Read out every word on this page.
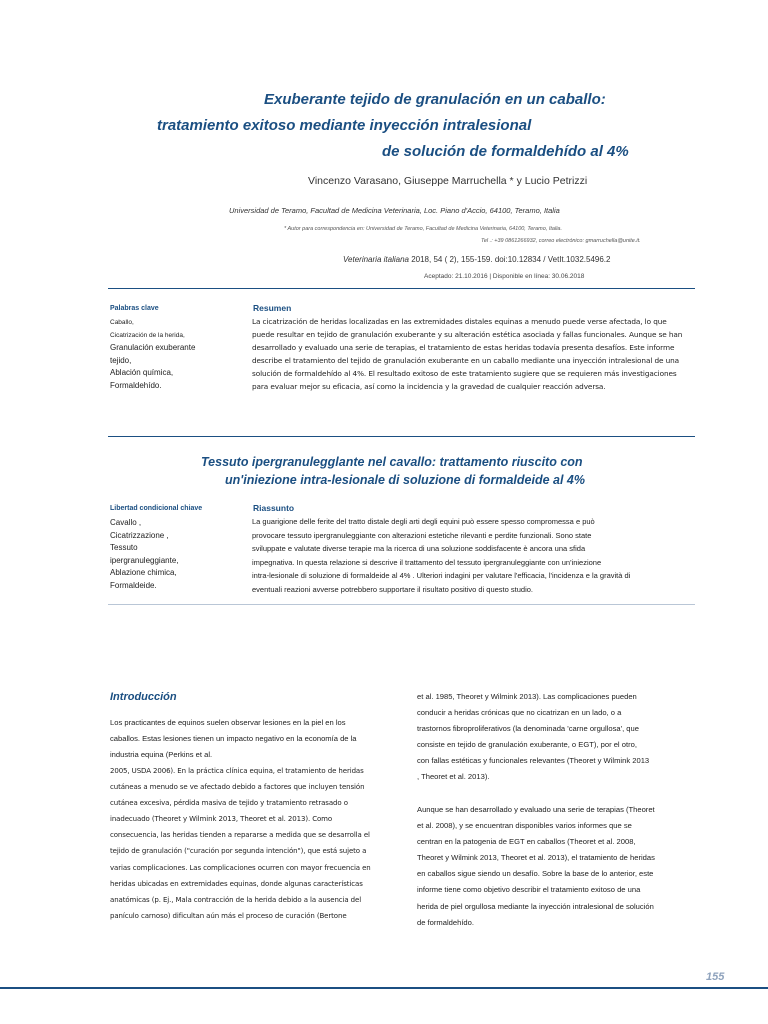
Exuberante tejido de granulación en un caballo:
tratamiento exitoso mediante inyección intralesional
de solución de formaldehído al 4%
Vincenzo Varasano, Giuseppe Marruchella * y Lucio Petrizzi
Universidad de Teramo, Facultad de Medicina Veterinaria, Loc. Piano d'Accio, 64100, Teramo, Italia
* Autor para correspondencia en: Universidad de Teramo, Facultad de Medicina Veterinaria, 64100, Teramo, Italia.
Tel .: +39 0861266932, correo electrónico: gmarruchella@unite.it.
Veterinaria italiana 2018, 54 ( 2), 155-159. doi:10.12834 / VetIt.1032.5496.2
Aceptado: 21.10.2016 | Disponible en línea: 30.06.2018
Palabras clave
Caballo,
Cicatrización de la herida,
Granulación exuberante
tejido,
Ablación química,
Formaldehído.
Resumen
La cicatrización de heridas localizadas en las extremidades distales equinas a menudo puede verse afectada, lo que
puede resultar en tejido de granulación exuberante y su alteración estética asociada y fallas funcionales. Aunque se han
desarrollado y evaluado una serie de terapias, el tratamiento de estas heridas todavía presenta desafíos. Este informe
describe el tratamiento del tejido de granulación exuberante en un caballo mediante una inyección intralesional de una
solución de formaldehído al 4%. El resultado exitoso de este tratamiento sugiere que se requieren más investigaciones
para evaluar mejor su eficacia, así como la incidencia y la gravedad de cualquier reacción adversa.
Tessuto ipergranulegglante nel cavallo: trattamento riuscito con
un'iniezione intra-lesionale di soluzione di formaldeide al 4%
Libertad condicional chiave
Cavallo ,
Cicatrizzazione ,
Tessuto
ipergranuleggiante,
Ablazione chimica,
Formaldeide.
Riassunto
La guarigione delle ferite del tratto distale degli arti degli equini può essere spesso compromessa e può
provocare tessuto ipergranuleggiante con alterazioni estetiche rilevanti e perdite funzionali. Sono state
sviluppate e valutate diverse terapie ma la ricerca di una soluzione soddisfacente è ancora una sfida
impegnativa. In questa relazione si descrive il trattamento del tessuto ipergranuleggiante con un'iniezione
intra-lesionale di soluzione di formaldeide al 4% . Ulteriori indagini per valutare l'efficacia, l'incidenza e la gravità di
eventuali reazioni avverse potrebbero supportare il risultato positivo di questo studio.
Introducción

Los practicantes de equinos suelen observar lesiones en la piel en los

caballos. Estas lesiones tienen un impacto negativo en la economía de la

industria equina (Perkins et al.

2005, USDA 2006). En la práctica clínica equina, el tratamiento de heridas

cutáneas a menudo se ve afectado debido a factores que incluyen tensión

cutánea excesiva, pérdida masiva de tejido y tratamiento retrasado o

inadecuado (Theoret y Wilmink 2013, Theoret et al. 2013). Como

consecuencia, las heridas tienden a repararse a medida que se desarrolla el

tejido de granulación ("curación por segunda intención"), que está sujeto a

varias complicaciones. Las complicaciones ocurren con mayor frecuencia en

heridas ubicadas en extremidades equinas, donde algunas características

anatómicas (p. Ej., Mala contracción de la herida debido a la ausencia del

panículo carnoso) dificultan aún más el proceso de curación (Bertone

et al. 1985, Theoret y Wilmink 2013). Las complicaciones pueden

conducir a heridas crónicas que no cicatrizan en un lado, o a

trastornos fibroproliferativos (la denominada 'carne orgullosa', que

consiste en tejido de granulación exuberante, o EGT), por el otro,

con fallas estéticas y funcionales relevantes (Theoret y Wilmink 2013

, Theoret et al. 2013).

Aunque se han desarrollado y evaluado una serie de terapias (Theoret

et al. 2008), y se encuentran disponibles varios informes que se

centran en la patogenia de EGT en caballos (Theoret et al. 2008,

Theoret y Wilmink 2013, Theoret et al. 2013), el tratamiento de heridas

en caballos sigue siendo un desafío. Sobre la base de lo anterior, este

informe tiene como objetivo describir el tratamiento exitoso de una

herida de piel orgullosa mediante la inyección intralesional de solución

de formaldehído.

155
